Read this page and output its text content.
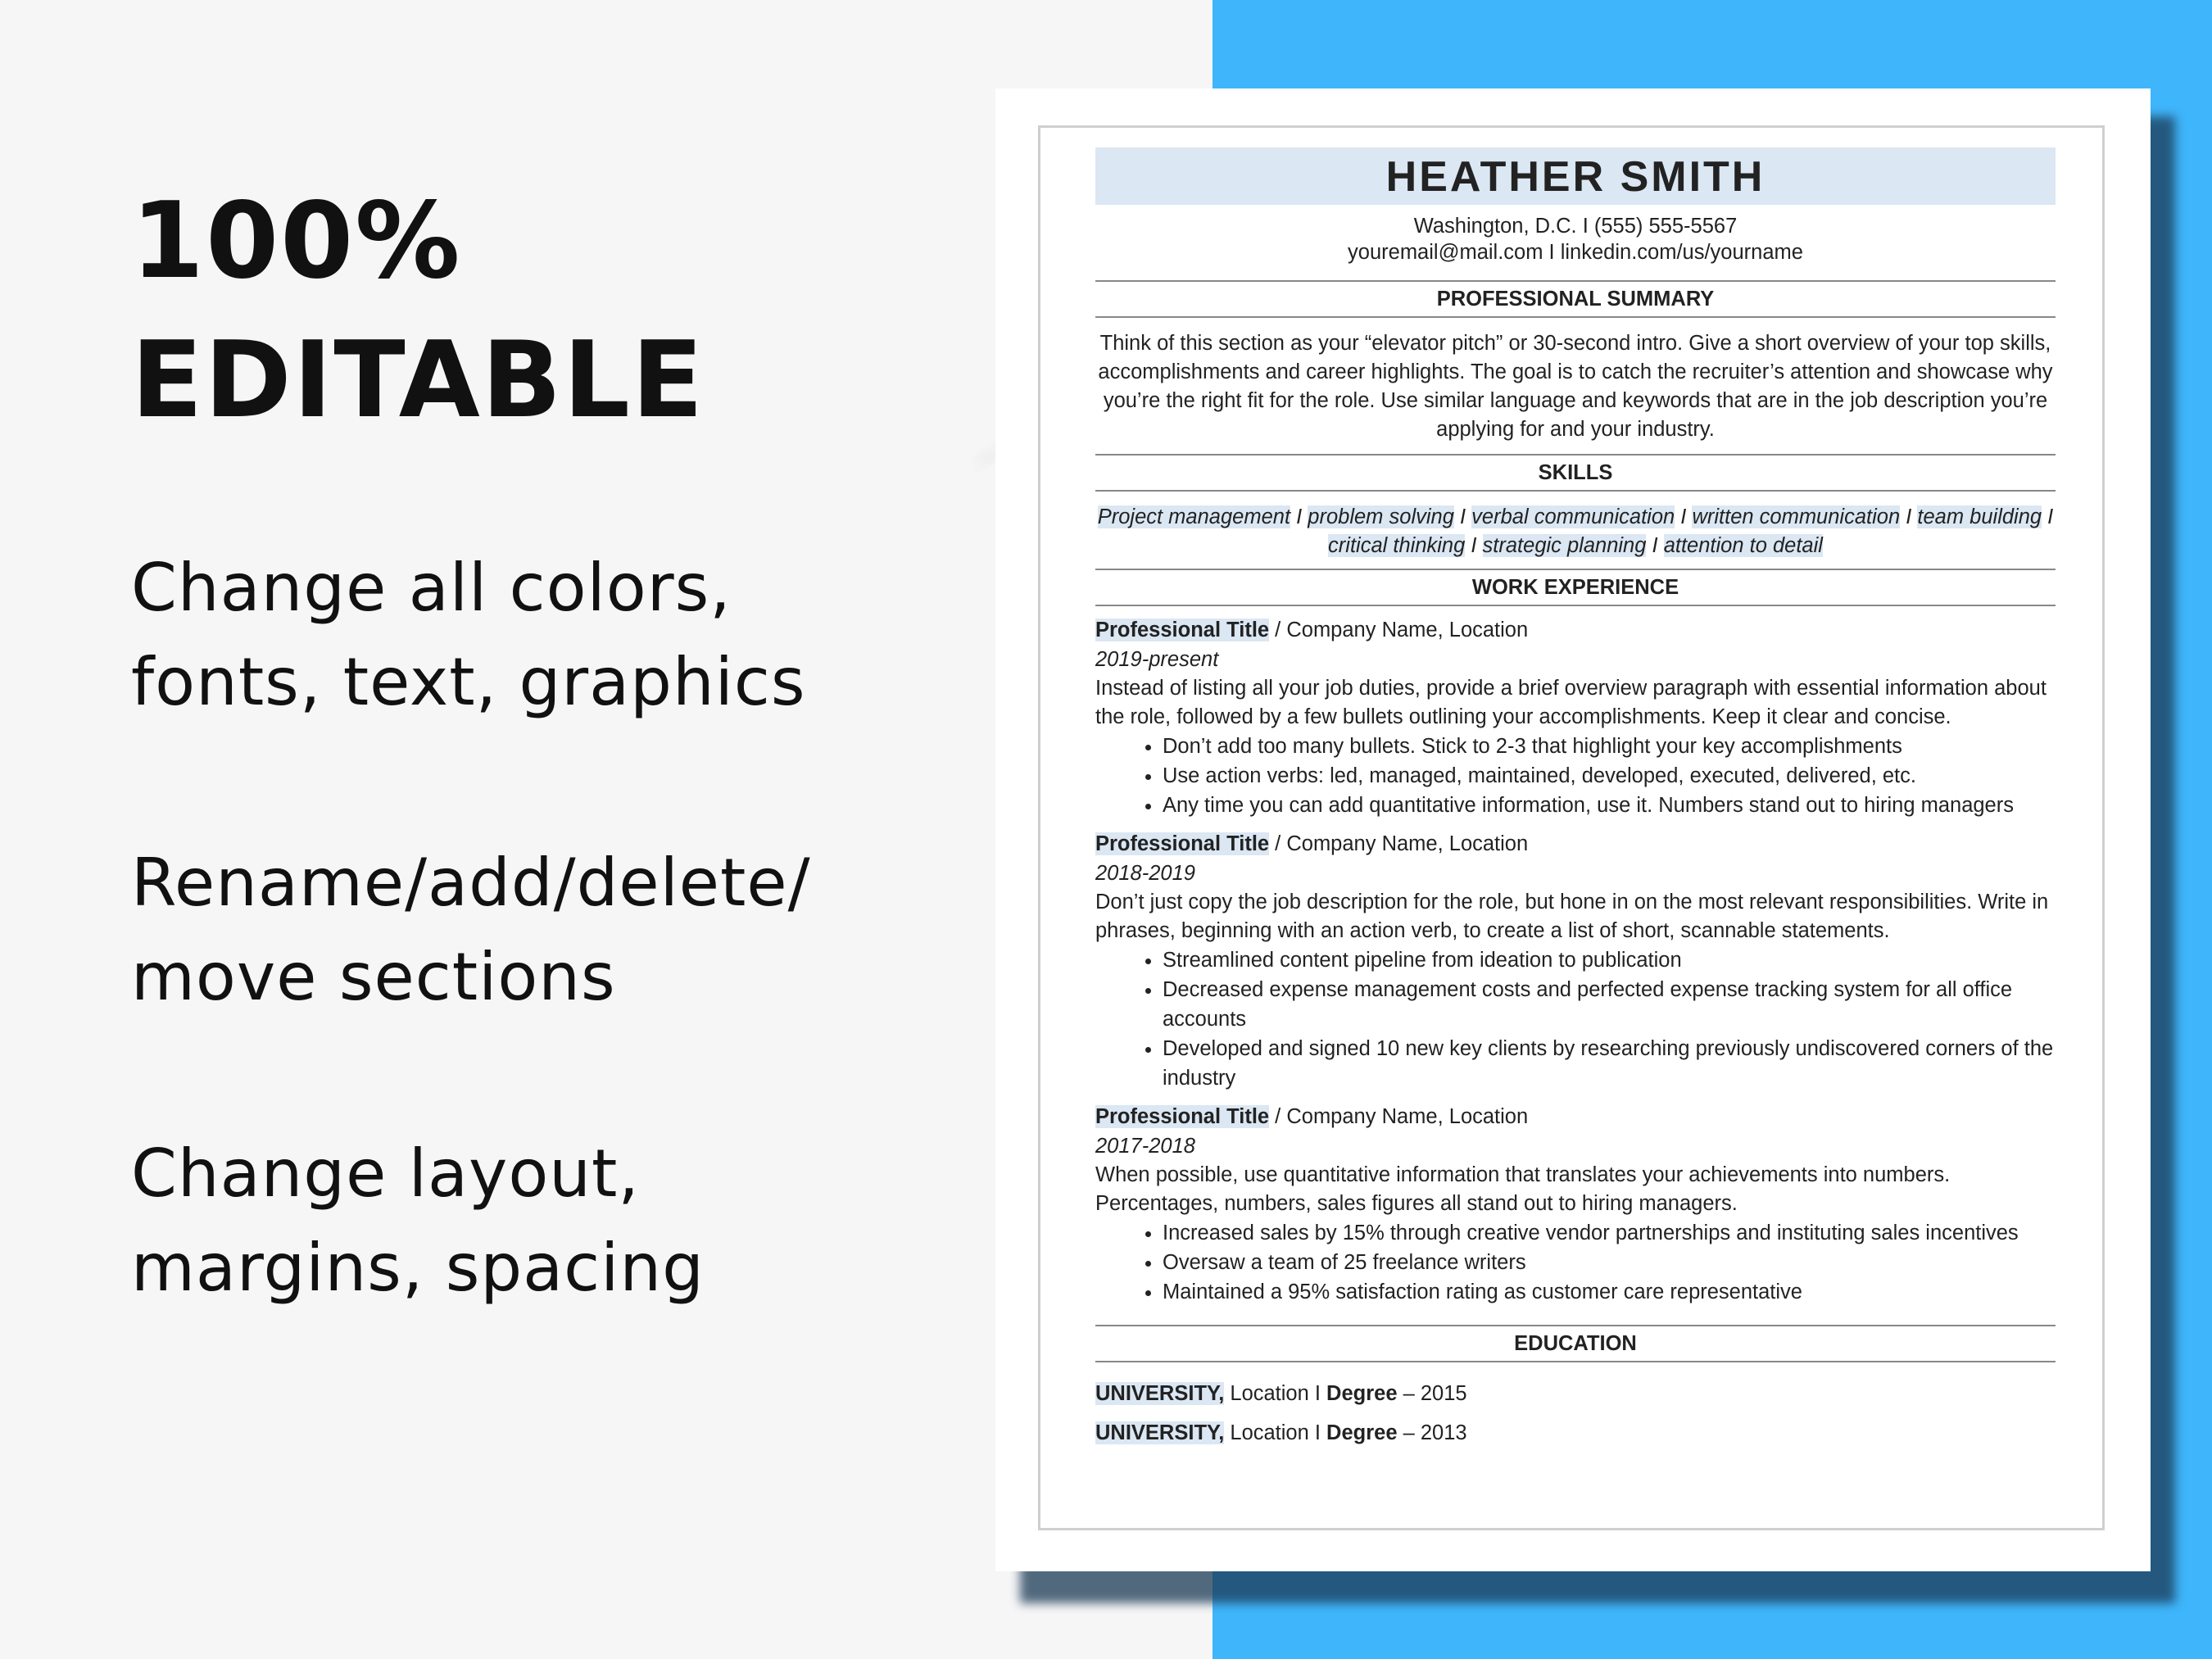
100%
EDITABLE
Change all colors,
fonts, text, graphics
Rename/add/delete/
move sections
Change layout,
margins, spacing
HEATHER SMITH
Washington, D.C. I (555) 555-5567
youremail@mail.com I linkedin.com/us/yourname
PROFESSIONAL SUMMARY
Think of this section as your “elevator pitch” or 30-second intro. Give a short overview of your top skills, accomplishments and career highlights. The goal is to catch the recruiter’s attention and showcase why you’re the right fit for the role. Use similar language and keywords that are in the job description you’re applying for and your industry.
SKILLS
Project management I problem solving I verbal communication I written communication I team building I critical thinking I strategic planning I attention to detail
WORK EXPERIENCE
Professional Title / Company Name, Location
2019-present
Instead of listing all your job duties, provide a brief overview paragraph with essential information about the role, followed by a few bullets outlining your accomplishments. Keep it clear and concise.
• Don’t add too many bullets. Stick to 2-3 that highlight your key accomplishments
• Use action verbs: led, managed, maintained, developed, executed, delivered, etc.
• Any time you can add quantitative information, use it. Numbers stand out to hiring managers
Professional Title / Company Name, Location
2018-2019
Don’t just copy the job description for the role, but hone in on the most relevant responsibilities. Write in phrases, beginning with an action verb, to create a list of short, scannable statements.
• Streamlined content pipeline from ideation to publication
• Decreased expense management costs and perfected expense tracking system for all office accounts
• Developed and signed 10 new key clients by researching previously undiscovered corners of the industry
Professional Title / Company Name, Location
2017-2018
When possible, use quantitative information that translates your achievements into numbers. Percentages, numbers, sales figures all stand out to hiring managers.
• Increased sales by 15% through creative vendor partnerships and instituting sales incentives
• Oversaw a team of 25 freelance writers
• Maintained a 95% satisfaction rating as customer care representative
EDUCATION
UNIVERSITY, Location I Degree – 2015
UNIVERSITY, Location I Degree – 2013
